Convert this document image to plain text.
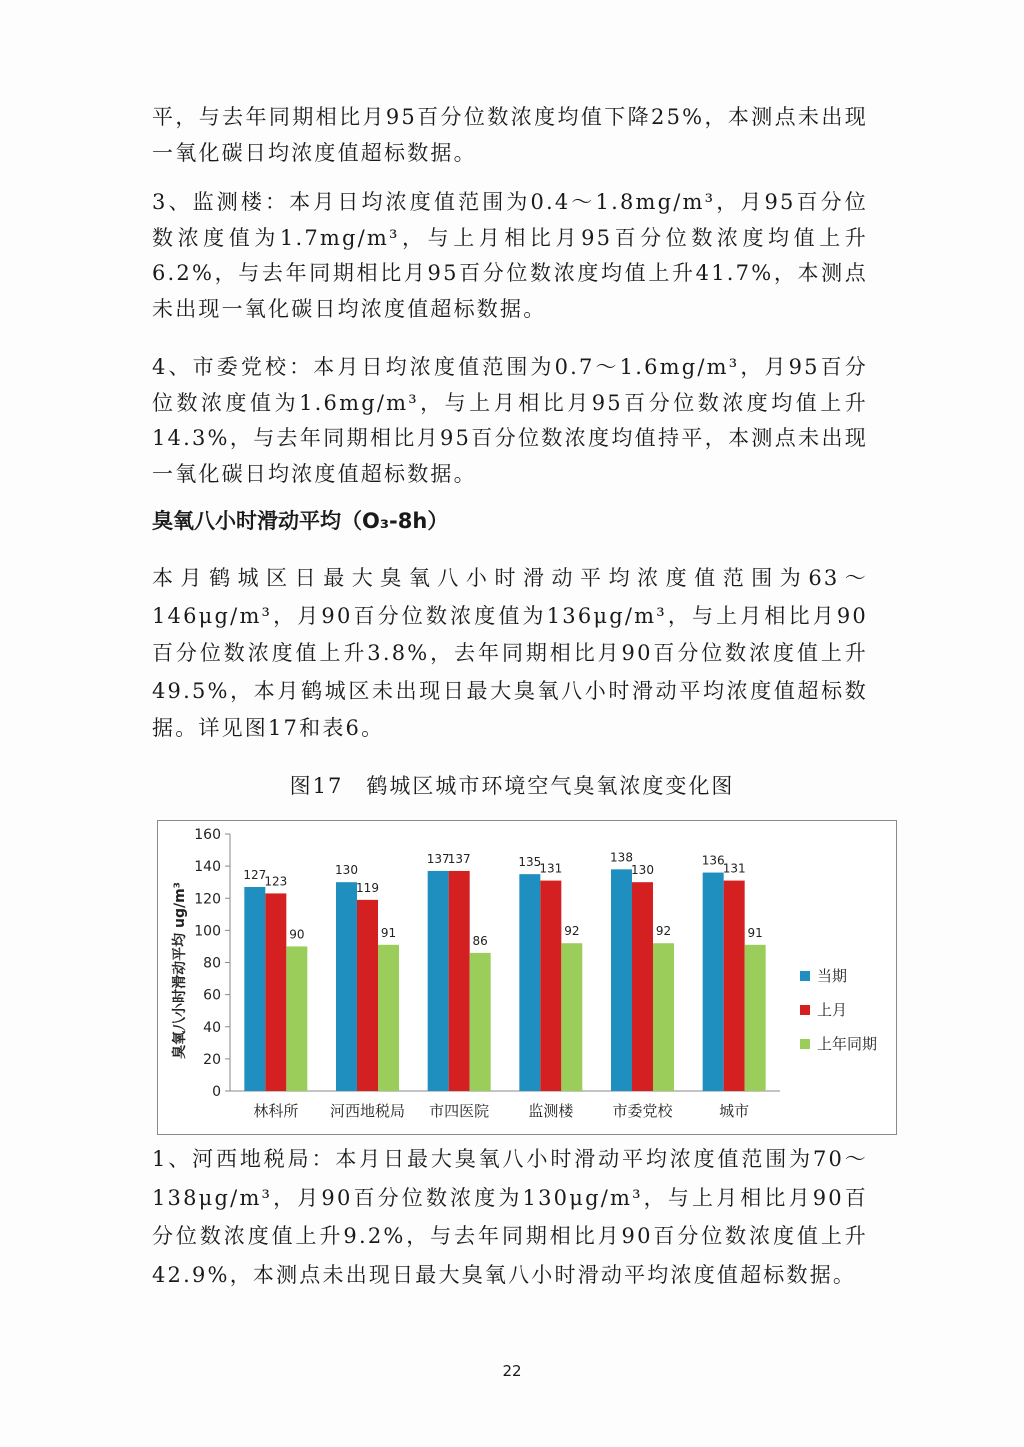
平，与去年同期相比月95百分位数浓度均值下降25%，本测点未出现一氧化碳日均浓度值超标数据。

3、监测楼：本月日均浓度值范围为0.4～1.8mg/m³，月95百分位数浓度值为1.7mg/m³，与上月相比月95百分位数浓度均值上升6.2%，与去年同期相比月95百分位数浓度均值上升41.7%，本测点未出现一氧化碳日均浓度值超标数据。

4、市委党校：本月日均浓度值范围为0.7～1.6mg/m³，月95百分位数浓度值为1.6mg/m³，与上月相比月95百分位数浓度均值上升14.3%，与去年同期相比月95百分位数浓度均值持平，本测点未出现一氧化碳日均浓度值超标数据。

臭氧八小时滑动平均（O₃-8h）

本月鹤城区日最大臭氧八小时滑动平均浓度值范围为63～146μg/m³，月90百分位数浓度值为136μg/m³，与上月相比月90百分位数浓度值上升3.8%，去年同期相比月90百分位数浓度值上升49.5%，本月鹤城区未出现日最大臭氧八小时滑动平均浓度值超标数据。详见图17和表6。

图17　鹤城区城市环境空气臭氧浓度变化图

0
20
40
60
80
100
120
140
160
臭氧八小时滑动平均 ug/m³
127
123
90
林科所
130
119
91
河西地税局
137
137
86
市四医院
135
131
92
监测楼
138
130
92
市委党校
136
131
91
城市
当期
上月
上年同期

1、河西地税局：本月日最大臭氧八小时滑动平均浓度值范围为70～138μg/m³，月90百分位数浓度为130μg/m³，与上月相比月90百分位数浓度值上升9.2%，与去年同期相比月90百分位数浓度值上升42.9%，本测点未出现日最大臭氧八小时滑动平均浓度值超标数据。

22
